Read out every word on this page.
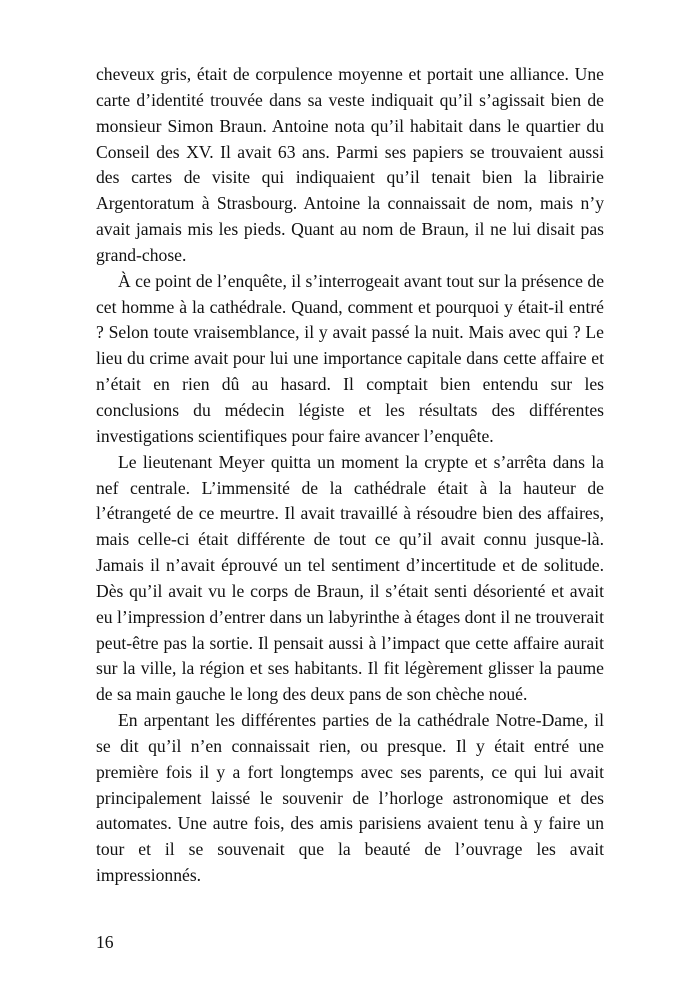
cheveux gris, était de corpulence moyenne et portait une alliance. Une carte d’identité trouvée dans sa veste indiquait qu’il s’agissait bien de monsieur Simon Braun. Antoine nota qu’il habitait dans le quartier du Conseil des XV. Il avait 63 ans. Parmi ses papiers se trouvaient aussi des cartes de visite qui indiquaient qu’il tenait bien la librairie Argentoratum à Strasbourg. Antoine la connaissait de nom, mais n’y avait jamais mis les pieds. Quant au nom de Braun, il ne lui disait pas grand-chose.

À ce point de l’enquête, il s’interrogeait avant tout sur la présence de cet homme à la cathédrale. Quand, comment et pourquoi y était-il entré ? Selon toute vraisemblance, il y avait passé la nuit. Mais avec qui ? Le lieu du crime avait pour lui une importance capitale dans cette affaire et n’était en rien dû au hasard. Il comptait bien entendu sur les conclusions du médecin légiste et les résultats des différentes investigations scientifiques pour faire avancer l’enquête.

Le lieutenant Meyer quitta un moment la crypte et s’arrêta dans la nef centrale. L’immensité de la cathédrale était à la hauteur de l’étrangeté de ce meurtre. Il avait travaillé à résoudre bien des affaires, mais celle-ci était différente de tout ce qu’il avait connu jusque-là. Jamais il n’avait éprouvé un tel sentiment d’incertitude et de solitude. Dès qu’il avait vu le corps de Braun, il s’était senti désorienté et avait eu l’impression d’entrer dans un labyrinthe à étages dont il ne trouverait peut-être pas la sortie. Il pensait aussi à l’impact que cette affaire aurait sur la ville, la région et ses habitants. Il fit légèrement glisser la paume de sa main gauche le long des deux pans de son chèche noué.

En arpentant les différentes parties de la cathédrale Notre-Dame, il se dit qu’il n’en connaissait rien, ou presque. Il y était entré une première fois il y a fort longtemps avec ses parents, ce qui lui avait principalement laissé le souvenir de l’horloge astronomique et des automates. Une autre fois, des amis parisiens avaient tenu à y faire un tour et il se souvenait que la beauté de l’ouvrage les avait impressionnés.

16
